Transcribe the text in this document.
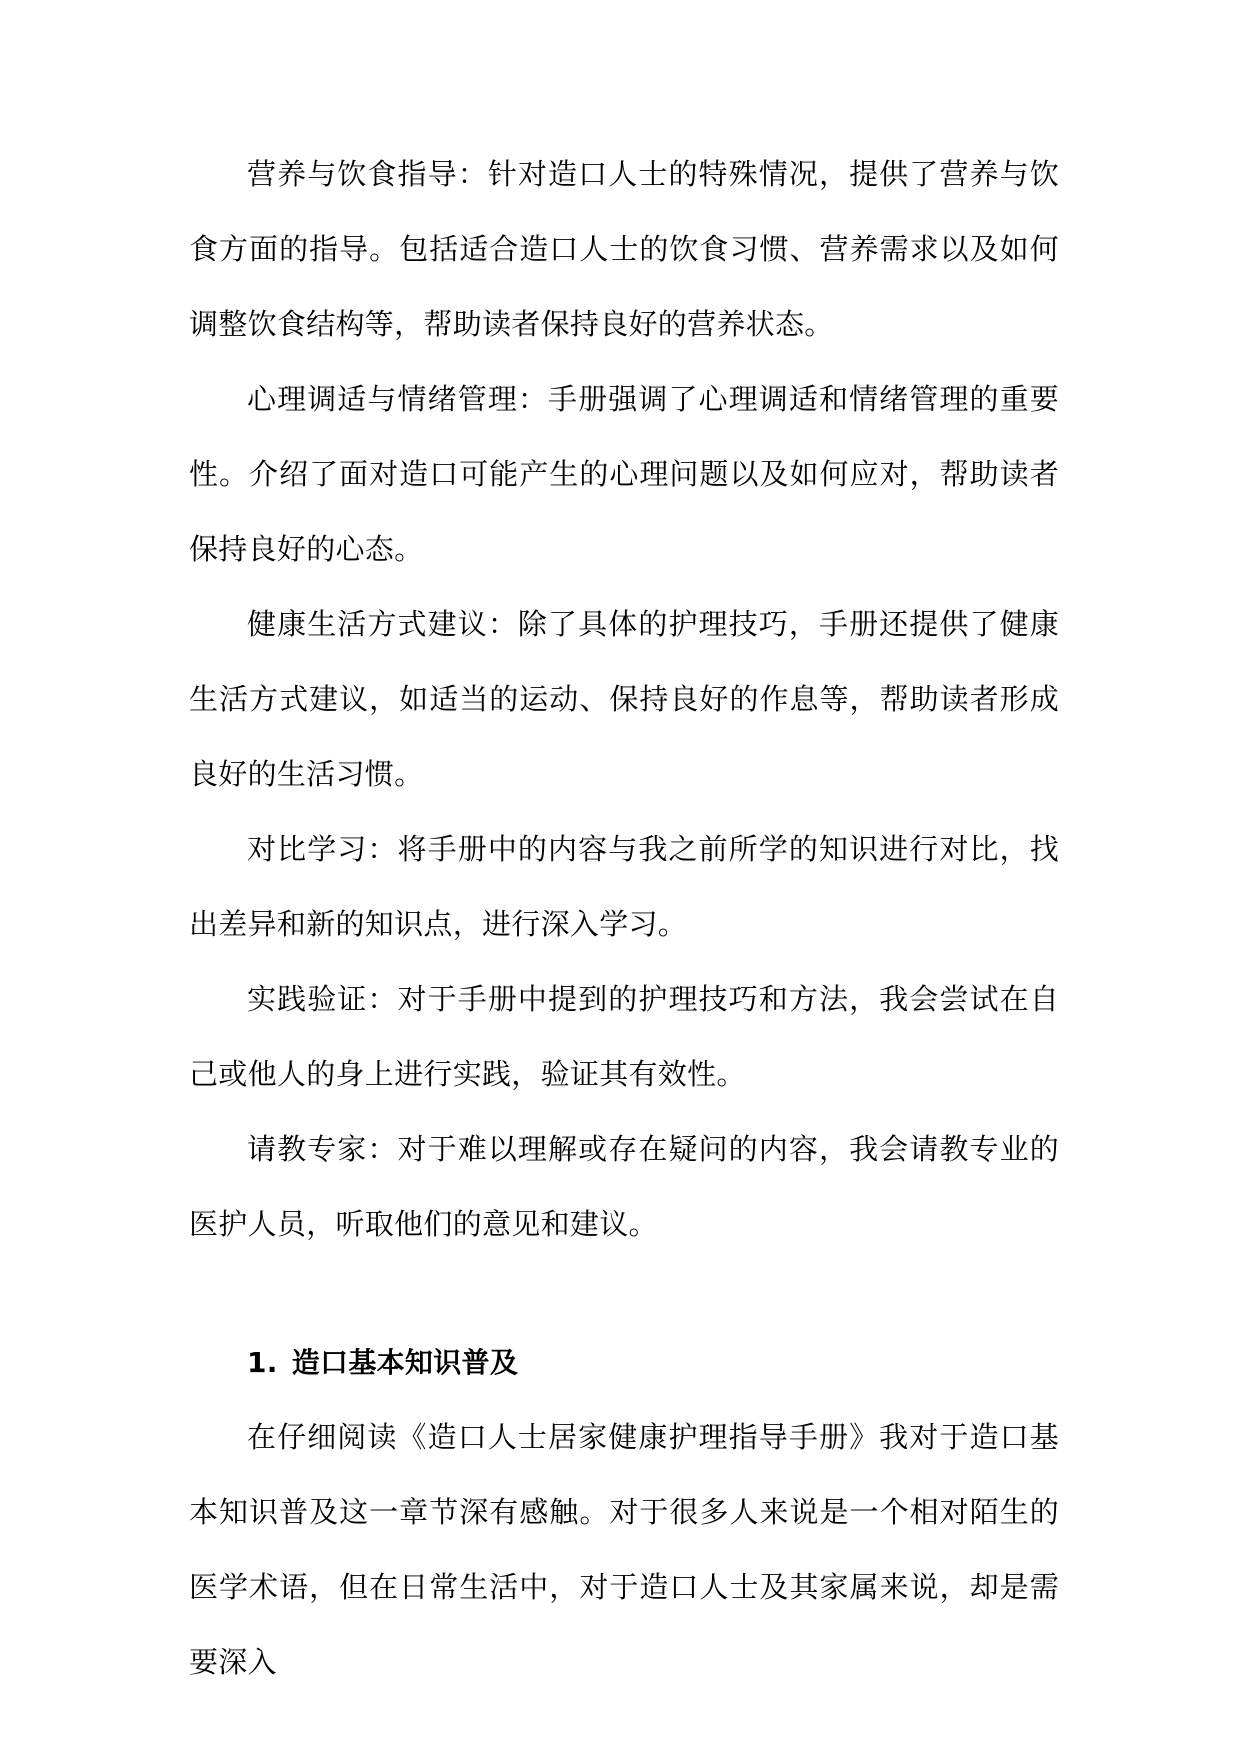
营养与饮食指导：针对造口人士的特殊情况，提供了营养与饮食方面的指导。包括适合造口人士的饮食习惯、营养需求以及如何调整饮食结构等，帮助读者保持良好的营养状态。

心理调适与情绪管理：手册强调了心理调适和情绪管理的重要性。介绍了面对造口可能产生的心理问题以及如何应对，帮助读者保持良好的心态。

健康生活方式建议：除了具体的护理技巧，手册还提供了健康生活方式建议，如适当的运动、保持良好的作息等，帮助读者形成良好的生活习惯。

对比学习：将手册中的内容与我之前所学的知识进行对比，找出差异和新的知识点，进行深入学习。

实践验证：对于手册中提到的护理技巧和方法，我会尝试在自己或他人的身上进行实践，验证其有效性。

请教专家：对于难以理解或存在疑问的内容，我会请教专业的医护人员，听取他们的意见和建议。

1. 造口基本知识普及

在仔细阅读《造口人士居家健康护理指导手册》我对于造口基本知识普及这一章节深有感触。对于很多人来说是一个相对陌生的医学术语，但在日常生活中，对于造口人士及其家属来说，却是需要深入
